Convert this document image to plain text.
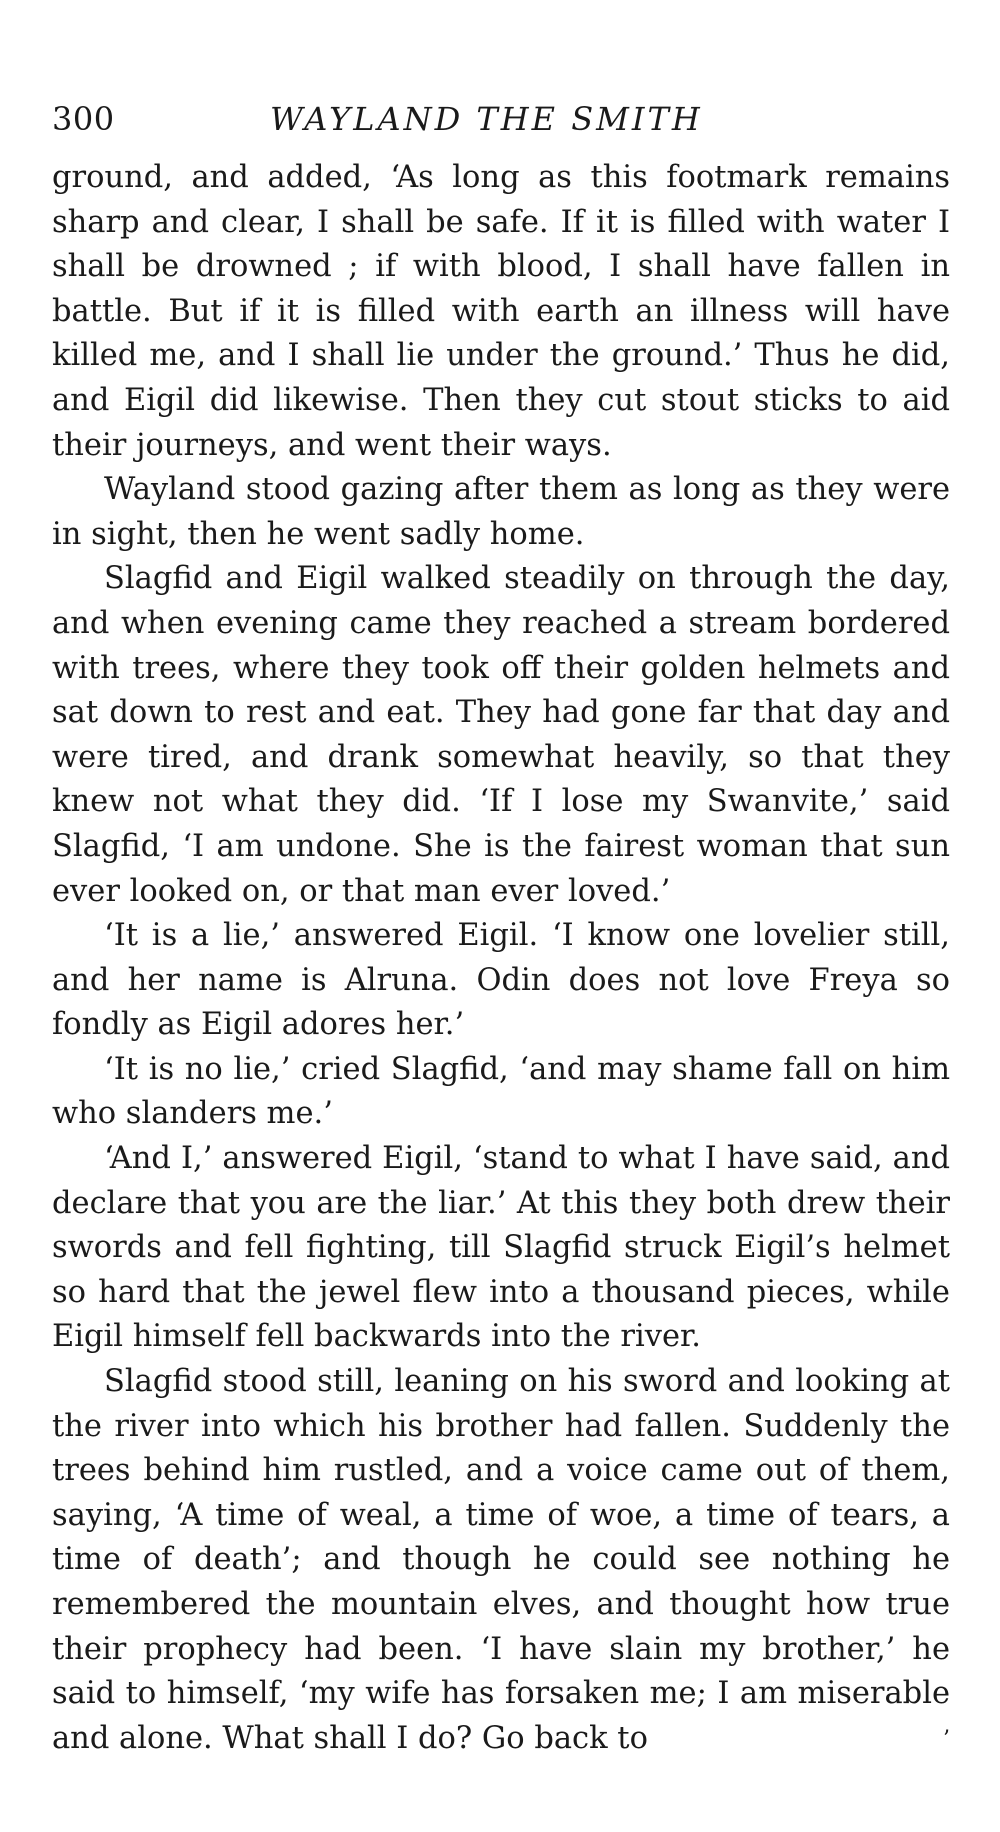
300	WAYLAND THE SMITH

ground, and added, ‘As long as this footmark remains sharp and clear, I shall be safe. If it is filled with water I shall be drowned ; if with blood, I shall have fallen in battle. But if it is filled with earth an illness will have killed me, and I shall lie under the ground.’ Thus he did, and Eigil did likewise. Then they cut stout sticks to aid their journeys, and went their ways.

Wayland stood gazing after them as long as they were in sight, then he went sadly home.

Slagfid and Eigil walked steadily on through the day, and when evening came they reached a stream bordered with trees, where they took off their golden helmets and sat down to rest and eat. They had gone far that day and were tired, and drank somewhat heavily, so that they knew not what they did. ‘If I lose my Swanvite,’ said Slagfid, ‘I am undone. She is the fairest woman that sun ever looked on, or that man ever loved.’

‘It is a lie,’ answered Eigil. ‘I know one lovelier still, and her name is Alruna. Odin does not love Freya so fondly as Eigil adores her.’

‘It is no lie,’ cried Slagfid, ‘and may shame fall on him who slanders me.’

‘And I,’ answered Eigil, ‘stand to what I have said, and declare that you are the liar.’ At this they both drew their swords and fell fighting, till Slagfid struck Eigil’s helmet so hard that the jewel flew into a thousand pieces, while Eigil himself fell backwards into the river.

Slagfid stood still, leaning on his sword and looking at the river into which his brother had fallen. Suddenly the trees behind him rustled, and a voice came out of them, saying, ‘A time of weal, a time of woe, a time of tears, a time of death’; and though he could see nothing he remembered the mountain elves, and thought how true their prophecy had been. ‘I have slain my brother,’ he said to himself, ‘my wife has forsaken me; I am miserable and alone. What shall I do? Go back to	’
